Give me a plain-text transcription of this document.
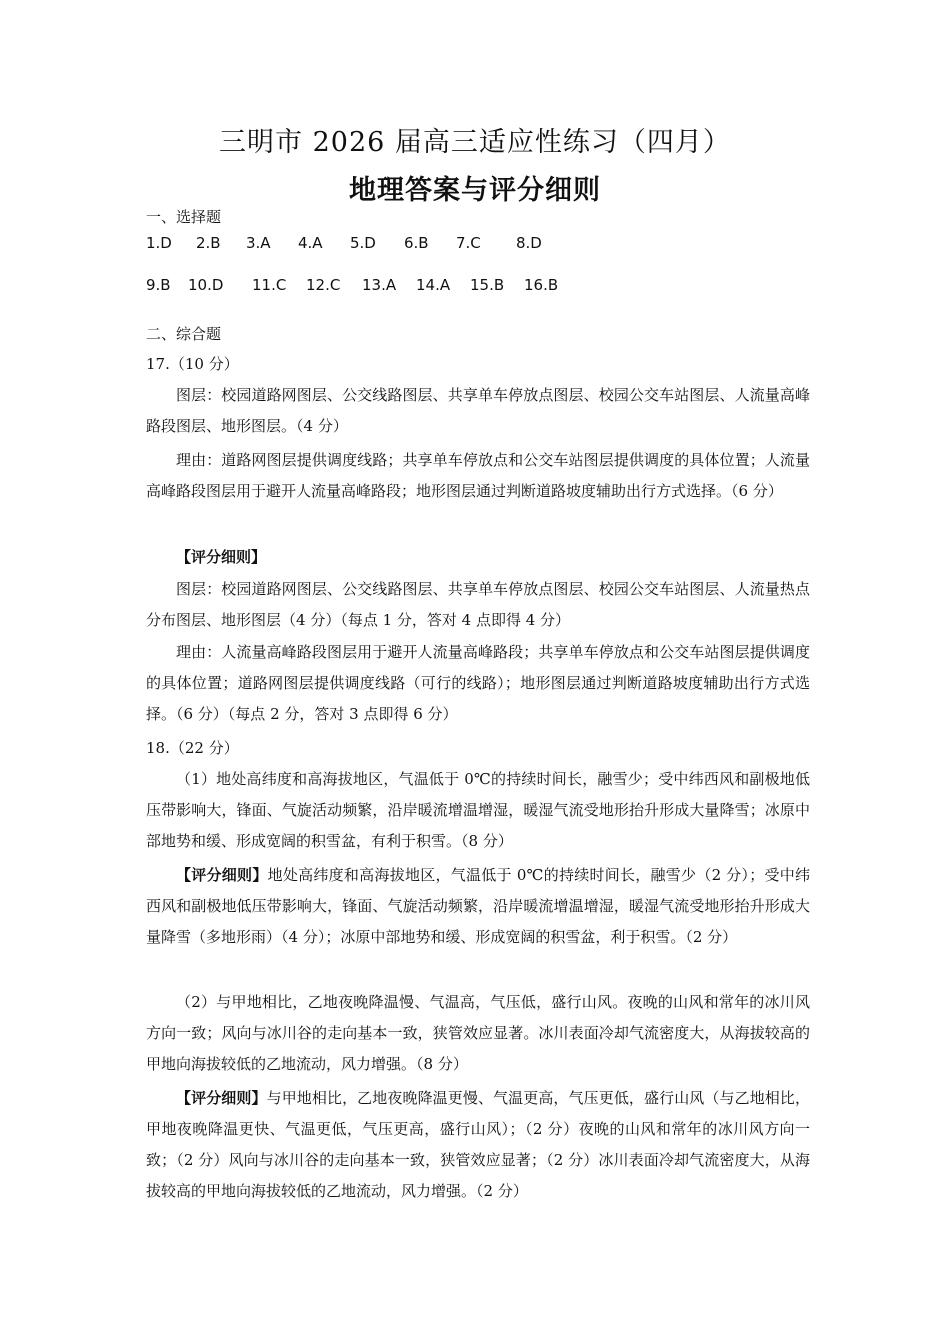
三明市 2026 届高三适应性练习（四月）
地理答案与评分细则
一、选择题
1.D 2.B 3.A 4.A 5.D 6.B 7.C 8.D
9.B 10.D 11.C 12.C 13.A 14.A 15.B 16.B
二、综合题
17.（10 分）
图层：校园道路网图层、公交线路图层、共享单车停放点图层、校园公交车站图层、人流量高峰路段图层、地形图层。（4 分）
理由：道路网图层提供调度线路；共享单车停放点和公交车站图层提供调度的具体位置；人流量高峰路段图层用于避开人流量高峰路段；地形图层通过判断道路坡度辅助出行方式选择。（6 分）
【评分细则】
图层：校园道路网图层、公交线路图层、共享单车停放点图层、校园公交车站图层、人流量热点分布图层、地形图层（4 分）（每点 1 分，答对 4 点即得 4 分）
理由：人流量高峰路段图层用于避开人流量高峰路段；共享单车停放点和公交车站图层提供调度的具体位置；道路网图层提供调度线路（可行的线路）；地形图层通过判断道路坡度辅助出行方式选择。（6 分）（每点 2 分，答对 3 点即得 6 分）
18.（22 分）
（1）地处高纬度和高海拔地区，气温低于 0℃的持续时间长，融雪少；受中纬西风和副极地低压带影响大，锋面、气旋活动频繁，沿岸暖流增温增湿，暖湿气流受地形抬升形成大量降雪；冰原中部地势和缓、形成宽阔的积雪盆，有利于积雪。（8 分）
【评分细则】地处高纬度和高海拔地区，气温低于 0℃的持续时间长，融雪少（2 分）；受中纬西风和副极地低压带影响大，锋面、气旋活动频繁，沿岸暖流增温增湿，暖湿气流受地形抬升形成大量降雪（多地形雨）（4 分）；冰原中部地势和缓、形成宽阔的积雪盆，利于积雪。（2 分）
（2）与甲地相比，乙地夜晚降温慢、气温高，气压低，盛行山风。夜晚的山风和常年的冰川风方向一致；风向与冰川谷的走向基本一致，狭管效应显著。冰川表面冷却气流密度大，从海拔较高的甲地向海拔较低的乙地流动，风力增强。（8 分）
【评分细则】与甲地相比，乙地夜晚降温更慢、气温更高，气压更低，盛行山风（与乙地相比，甲地夜晚降温更快、气温更低，气压更高，盛行山风）；（2 分）夜晚的山风和常年的冰川风方向一致；（2 分）风向与冰川谷的走向基本一致，狭管效应显著；（2 分）冰川表面冷却气流密度大，从海拔较高的甲地向海拔较低的乙地流动，风力增强。（2 分）
